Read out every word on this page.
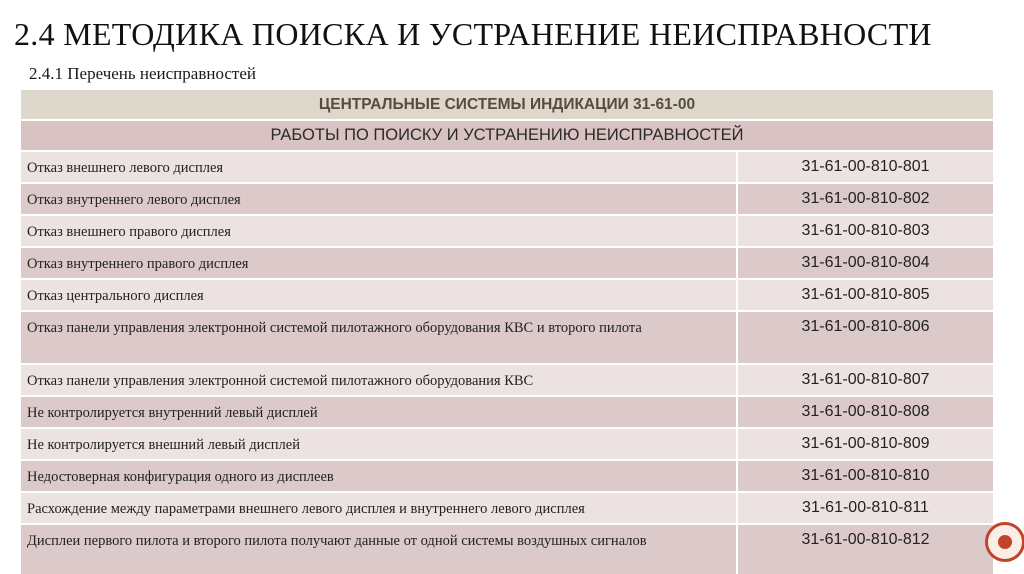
2.4 МЕТОДИКА ПОИСКА И УСТРАНЕНИЕ НЕИСПРАВНОСТИ
2.4.1 Перечень неисправностей
ЦЕНТРАЛЬНЫЕ СИСТЕМЫ ИНДИКАЦИИ 31-61-00	
РАБОТЫ ПО ПОИСКУ И УСТРАНЕНИЮ НЕИСПРАВНОСТЕЙ	
Отказ внешнего левого дисплея	31-61-00-810-801
Отказ внутреннего левого дисплея	31-61-00-810-802
Отказ внешнего правого дисплея	31-61-00-810-803
Отказ внутреннего правого дисплея	31-61-00-810-804
Отказ центрального дисплея	31-61-00-810-805
Отказ панели управления электронной системой пилотажного оборудования КВС и второго пилота	31-61-00-810-806
Отказ панели управления электронной системой пилотажного оборудования КВС	31-61-00-810-807
Не контролируется внутренний левый дисплей	31-61-00-810-808
Не контролируется внешний левый дисплей	31-61-00-810-809
Недостоверная конфигурация одного из дисплеев	31-61-00-810-810
Расхождение между параметрами внешнего левого дисплея и внутреннего левого дисплея	31-61-00-810-811
Дисплеи первого пилота и второго пилота получают данные от одной системы воздушных сигналов	31-61-00-810-812
